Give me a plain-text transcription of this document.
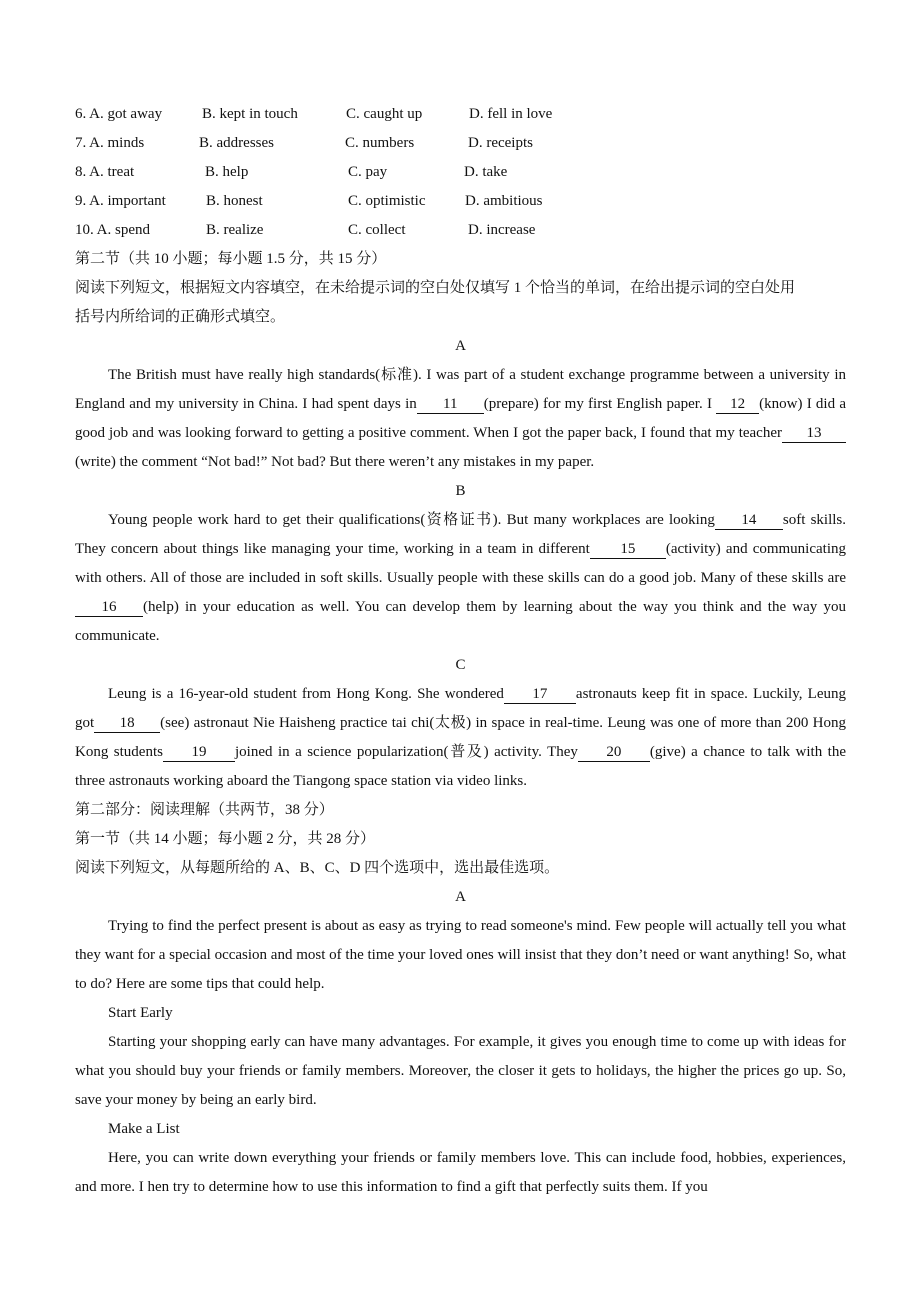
6. A. got away	B. kept in touch	C. caught up	D. fell in love
7. A. minds	B. addresses	C. numbers	D. receipts
8. A. treat	B. help	C. pay	D. take
9. A. important	B. honest	C. optimistic	D. ambitious
10. A. spend	B. realize	C. collect	D. increase
第二节（共 10 小题；每小题 1.5 分，共 15 分）
阅读下列短文，根据短文内容填空，在未给提示词的空白处仅填写 1 个恰当的单词，在给出提示词的空白处用
括号内所给词的正确形式填空。
A

The British must have really high standards(标准). I was part of a student exchange programme between a university in England and my university in China. I had spent days in 11 (prepare) for my first English paper. I 12 (know) I did a good job and was looking forward to getting a positive comment. When I got the paper back, I found that my teacher 13(write) the comment “Not bad!” Not bad? But there weren’t any mistakes in my paper.

B

Young people work hard to get their qualifications(资格证书). But many workplaces are looking 14 soft skills. They concern about things like managing your time, working in a team in different 15 (activity) and communicating with others. All of those are included in soft skills. Usually people with these skills can do a good job. Many of these skills are16 (help) in your education as well. You can develop them by learning about the way you think and the way you communicate.

C

Leung is a 16-year-old student from Hong Kong. She wondered 17 astronauts keep fit in space. Luckily, Leung got 18 (see) astronaut Nie Haisheng practice tai chi(太极) in space in real-time. Leung was one of more than 200 Hong Kong students 19 joined in a science popularization(普及) activity. They 20 (give) a chance to talk with the three astronauts working aboard the Tiangong space station via video links.

第二部分：阅读理解（共两节，38 分）
第一节（共 14 小题；每小题 2 分，共 28 分）
阅读下列短文，从每题所给的 A、B、C、D 四个选项中，选出最佳选项。
A

Trying to find the perfect present is about as easy as trying to read someone's mind. Few people will actually tell you what they want for a special occasion and most of the time your loved ones will insist that they don’t need or want anything! So, what to do? Here are some tips that could help.

Start Early

Starting your shopping early can have many advantages. For example, it gives you enough time to come up with ideas for what you should buy your friends or family members. Moreover, the closer it gets to holidays, the higher the prices go up. So, save your money by being an early bird.

Make a List

Here, you can write down everything your friends or family members love. This can include food, hobbies, experiences, and more. I hen try to determine how to use this information to find a gift that perfectly suits them. If you
